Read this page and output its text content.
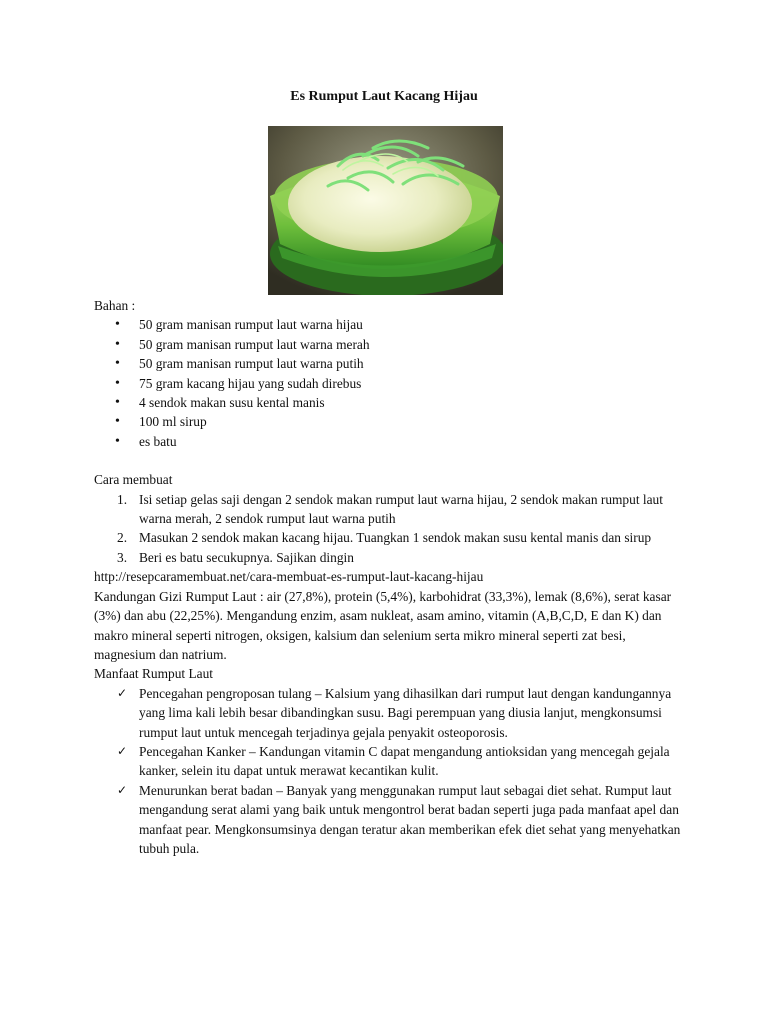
Es Rumput Laut Kacang Hijau

Bahan :

• 50 gram manisan rumput laut warna hijau
• 50 gram manisan rumput laut warna merah
• 50 gram manisan rumput laut warna putih
• 75 gram kacang hijau yang sudah direbus
• 4 sendok makan susu kental manis
• 100 ml sirup
• es batu

Cara membuat

1. Isi setiap gelas saji dengan 2 sendok makan rumput laut warna hijau, 2 sendok makan rumput laut warna merah, 2 sendok rumput laut warna putih
2. Masukan 2 sendok makan kacang hijau. Tuangkan 1 sendok makan susu kental manis dan sirup
3. Beri es batu secukupnya. Sajikan dingin

http://resepcaramembuat.net/cara-membuat-es-rumput-laut-kacang-hijau

Kandungan Gizi Rumput Laut : air (27,8%), protein (5,4%), karbohidrat (33,3%), lemak (8,6%), serat kasar (3%) dan abu (22,25%). Mengandung enzim, asam nukleat, asam amino, vitamin (A,B,C,D, E dan K) dan makro mineral seperti nitrogen, oksigen, kalsium dan selenium serta mikro mineral seperti zat besi, magnesium dan natrium.

Manfaat Rumput Laut

✓ Pencegahan pengroposan tulang – Kalsium yang dihasilkan dari rumput laut dengan kandungannya yang lima kali lebih besar dibandingkan susu. Bagi perempuan yang diusia lanjut, mengkonsumsi rumput laut untuk mencegah terjadinya gejala penyakit osteoporosis.
✓ Pencegahan Kanker – Kandungan vitamin C dapat mengandung antioksidan yang mencegah gejala kanker, selein itu dapat untuk merawat kecantikan kulit.
✓ Menurunkan berat badan – Banyak yang menggunakan rumput laut sebagai diet sehat. Rumput laut mengandung serat alami yang baik untuk mengontrol berat badan seperti juga pada manfaat apel dan manfaat pear. Mengkonsumsinya dengan teratur akan memberikan efek diet sehat yang menyehatkan tubuh pula.
